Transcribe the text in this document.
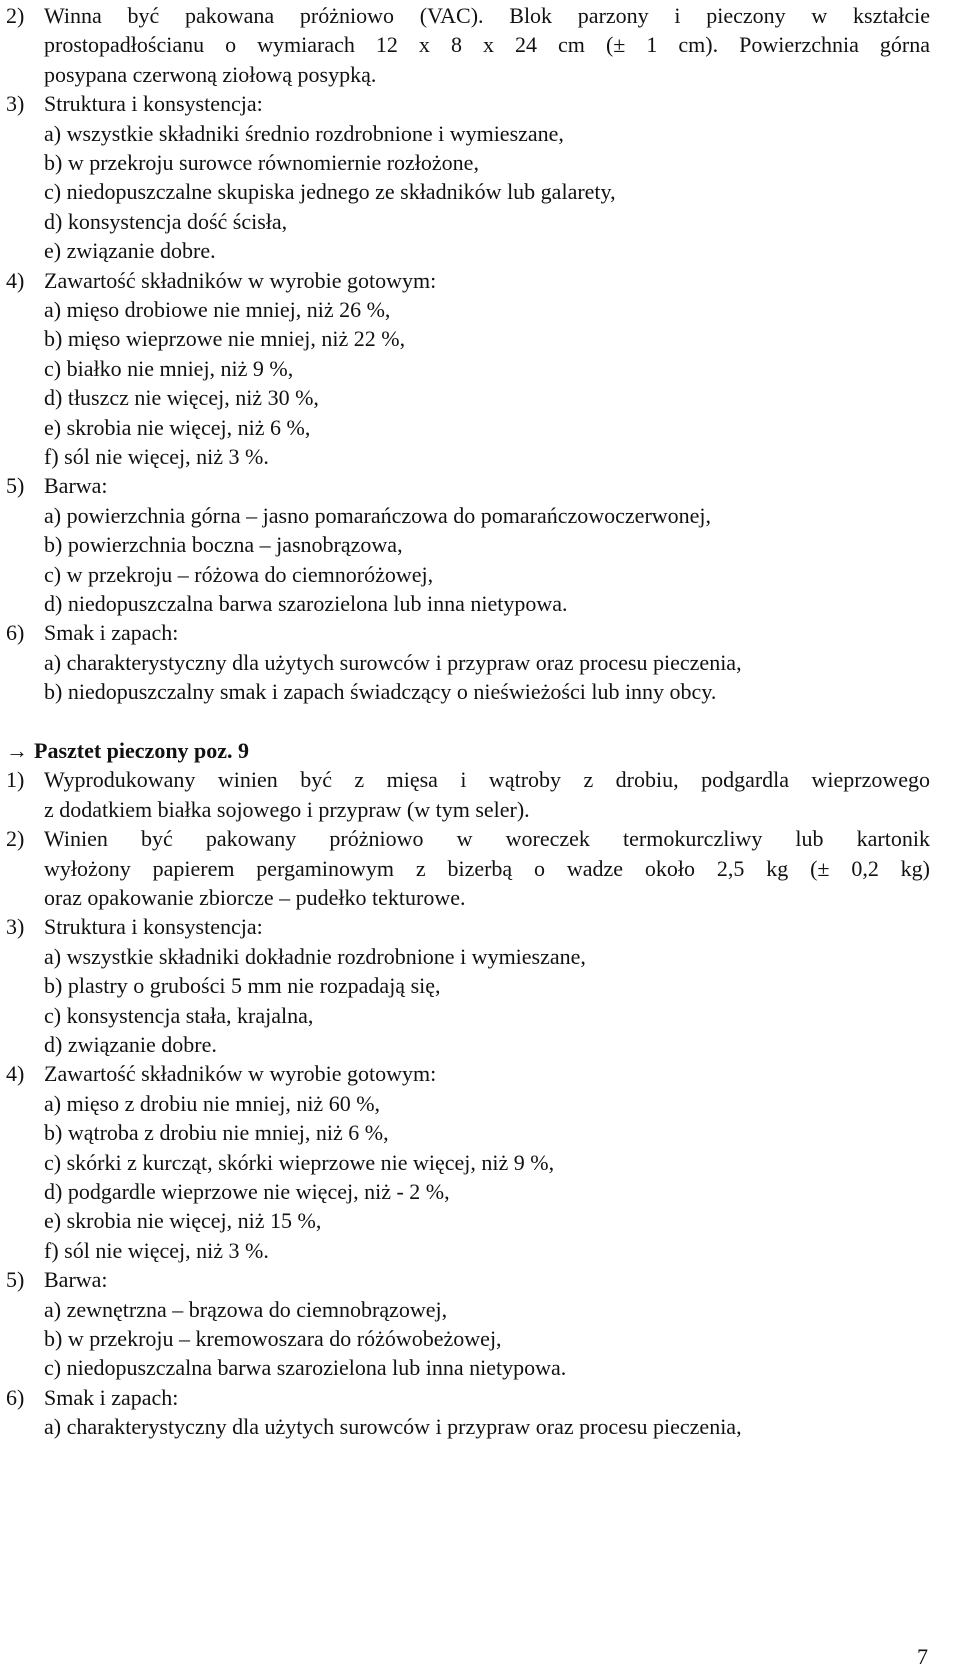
2) Winna być pakowana próżniowo (VAC). Blok parzony i pieczony w kształcie
prostopadłościanu o wymiarach 12 x 8 x 24 cm (± 1 cm). Powierzchnia górna
posypana czerwoną ziołową posypką.
3) Struktura i konsystencja:
a) wszystkie składniki średnio rozdrobnione i wymieszane,
b) w przekroju surowce równomiernie rozłożone,
c) niedopuszczalne skupiska jednego ze składników lub galarety,
d) konsystencja dość ścisła,
e) związanie dobre.
4) Zawartość składników w wyrobie gotowym:
a) mięso drobiowe nie mniej, niż 26 %,
b) mięso wieprzowe nie mniej, niż 22 %,
c) białko nie mniej, niż 9 %,
d) tłuszcz nie więcej, niż 30 %,
e) skrobia nie więcej, niż 6 %,
f) sól nie więcej, niż 3 %.
5) Barwa:
a) powierzchnia górna – jasno pomarańczowa do pomarańczowoczerwonej,
b) powierzchnia boczna – jasnobrązowa,
c) w przekroju – różowa do ciemnoróżowej,
d) niedopuszczalna barwa szarozielona lub inna nietypowa.
6) Smak i zapach:
a) charakterystyczny dla użytych surowców i przypraw oraz procesu pieczenia,
b) niedopuszczalny smak i zapach świadczący o nieświeżości lub inny obcy.
→ Pasztet pieczony poz. 9
1) Wyprodukowany winien być z mięsa i wątroby z drobiu, podgardla wieprzowego
z dodatkiem białka sojowego i przypraw (w tym seler).
2) Winien być pakowany próżniowo w woreczek termokurczliwy lub kartonik
wyłożony papierem pergaminowym z bizerbą o wadze około 2,5 kg (± 0,2 kg)
oraz opakowanie zbiorcze – pudełko tekturowe.
3) Struktura i konsystencja:
a) wszystkie składniki dokładnie rozdrobnione i wymieszane,
b) plastry o grubości 5 mm nie rozpadają się,
c) konsystencja stała, krajalna,
d) związanie dobre.
4) Zawartość składników w wyrobie gotowym:
a) mięso z drobiu nie mniej, niż 60 %,
b) wątroba z drobiu nie mniej, niż 6 %,
c) skórki z kurcząt, skórki wieprzowe nie więcej, niż 9 %,
d) podgardle wieprzowe nie więcej, niż - 2 %,
e) skrobia nie więcej, niż 15 %,
f) sól nie więcej, niż 3 %.
5) Barwa:
a) zewnętrzna – brązowa do ciemnobrązowej,
b) w przekroju – kremowoszara do różówobeżowej,
c) niedopuszczalna barwa szarozielona lub inna nietypowa.
6) Smak i zapach:
a) charakterystyczny dla użytych surowców i przypraw oraz procesu pieczenia,
7
